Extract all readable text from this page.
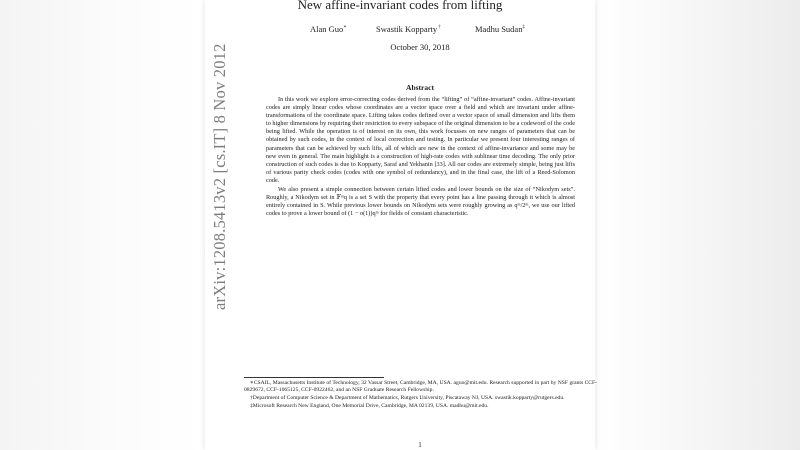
arXiv:1208.5413v2 [cs.IT] 8 Nov 2012
New affine-invariant codes from lifting
Alan Guo∗	Swastik Kopparty †	Madhu Sudan‡
October 30, 2018
Abstract

In this work we explore error-correcting codes derived from the “lifting” of “affine-invariant” codes. Affine-invariant codes are simply linear codes whose coordinates are a vector space over a field and which are invariant under affine-transformations of the coordinate space. Lifting takes codes defined over a vector space of small dimension and lifts them to higher dimensions by requiring their restriction to every subspace of the original dimension to be a codeword of the code being lifted. While the operation is of interest on its own, this work focusses on new ranges of parameters that can be obtained by such codes, in the context of local correction and testing. In particular we present four interesting ranges of parameters that can be achieved by such lifts, all of which are new in the context of affine-invariance and some may be new even in general. The main highlight is a construction of high-rate codes with sublinear time decoding. The only prior construction of such codes is due to Kopparty, Saraf and Yekhanin [33]. All our codes are extremely simple, being just lifts of various parity check codes (codes with one symbol of redundancy), and in the final case, the lift of a Reed-Solomon code.

We also present a simple connection between certain lifted codes and lower bounds on the size of “Nikodym sets”. Roughly, a Nikodym set in 𝔽ᵐq is a set S with the property that every point has a line passing through it which is almost entirely contained in S. While previous lower bounds on Nikodym sets were roughly growing as qᵐ/2ᵐ, we use our lifted codes to prove a lower bound of (1 − o(1))qᵐ for fields of constant characteristic.

∗CSAIL, Massachusetts Institute of Technology, 32 Vassar Street, Cambridge, MA, USA. aguo@mit.edu. Research supported in part by NSF grants CCF-0829672, CCF-1065125, CCF-0922462, and an NSF Graduate Research Fellowship.

†Department of Computer Science & Department of Mathematics, Rutgers University, Piscataway NJ, USA. swastik.kopparty@rutgers.edu.

‡Microsoft Research New England, One Memorial Drive, Cambridge, MA 02139, USA. madhu@mit.edu.

1
